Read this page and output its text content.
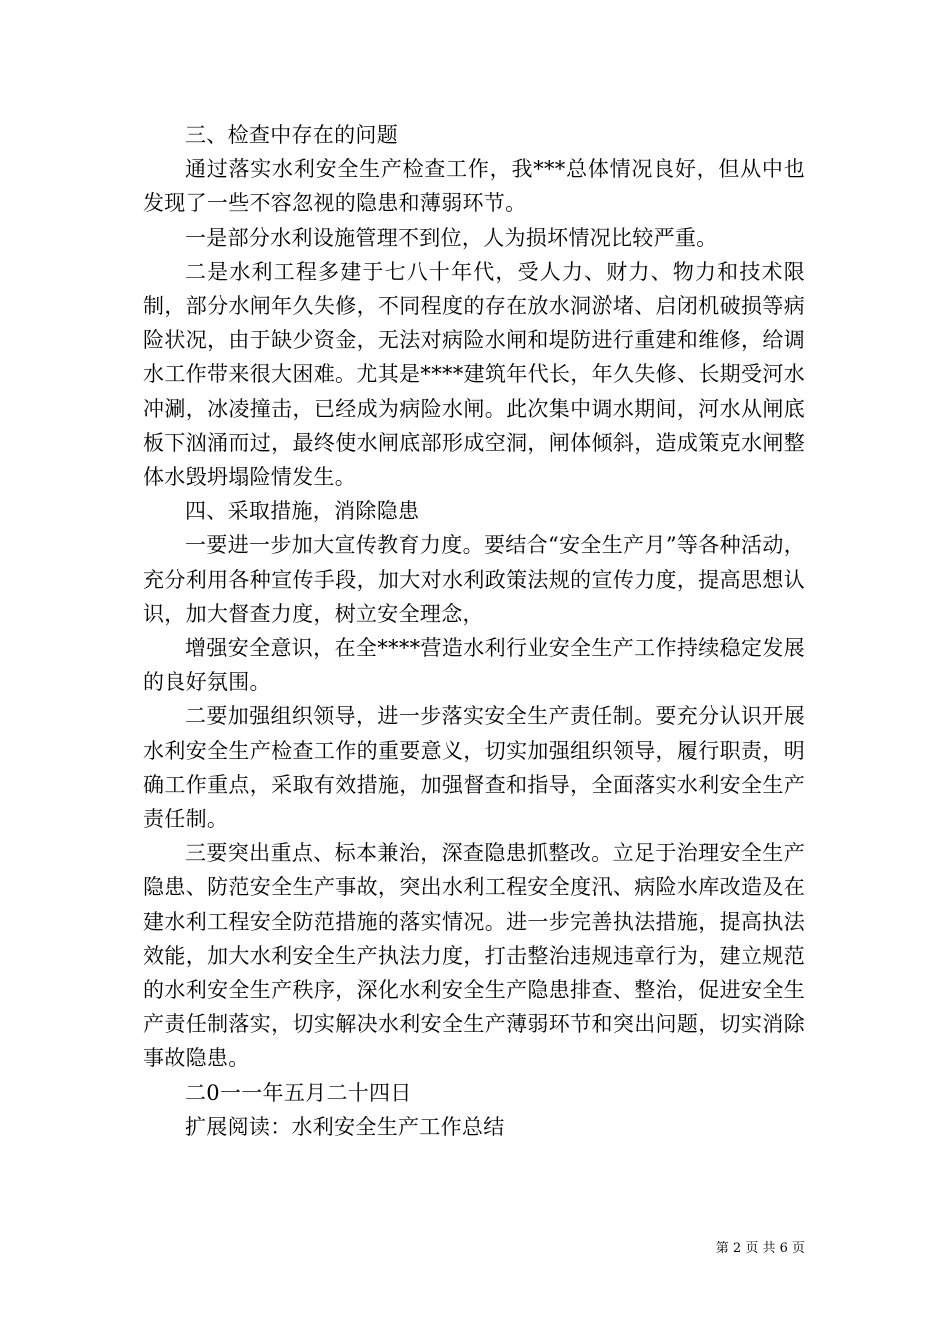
三、检查中存在的问题

通过落实水利安全生产检查工作，我***总体情况良好，但从中也发现了一些不容忽视的隐患和薄弱环节。

一是部分水利设施管理不到位，人为损坏情况比较严重。

二是水利工程多建于七八十年代，受人力、财力、物力和技术限制，部分水闸年久失修，不同程度的存在放水洞淤堵、启闭机破损等病险状况，由于缺少资金，无法对病险水闸和堤防进行重建和维修，给调水工作带来很大困难。尤其是****建筑年代长，年久失修、长期受河水冲涮，冰凌撞击，已经成为病险水闸。此次集中调水期间，河水从闸底板下汹涌而过，最终使水闸底部形成空洞，闸体倾斜，造成策克水闸整体水毁坍塌险情发生。

四、采取措施，消除隐患

一要进一步加大宣传教育力度。要结合“安全生产月”等各种活动，充分利用各种宣传手段，加大对水利政策法规的宣传力度，提高思想认识，加大督查力度，树立安全理念，

增强安全意识，在全****营造水利行业安全生产工作持续稳定发展的良好氛围。

二要加强组织领导，进一步落实安全生产责任制。要充分认识开展水利安全生产检查工作的重要意义，切实加强组织领导，履行职责，明确工作重点，采取有效措施，加强督查和指导，全面落实水利安全生产责任制。

三要突出重点、标本兼治，深查隐患抓整改。立足于治理安全生产隐患、防范安全生产事故，突出水利工程安全度汛、病险水库改造及在建水利工程安全防范措施的落实情况。进一步完善执法措施，提高执法效能，加大水利安全生产执法力度，打击整治违规违章行为，建立规范的水利安全生产秩序，深化水利安全生产隐患排查、整治，促进安全生产责任制落实，切实解决水利安全生产薄弱环节和突出问题，切实消除事故隐患。

二0一一年五月二十四日

扩展阅读：水利安全生产工作总结

第 2 页 共 6 页
